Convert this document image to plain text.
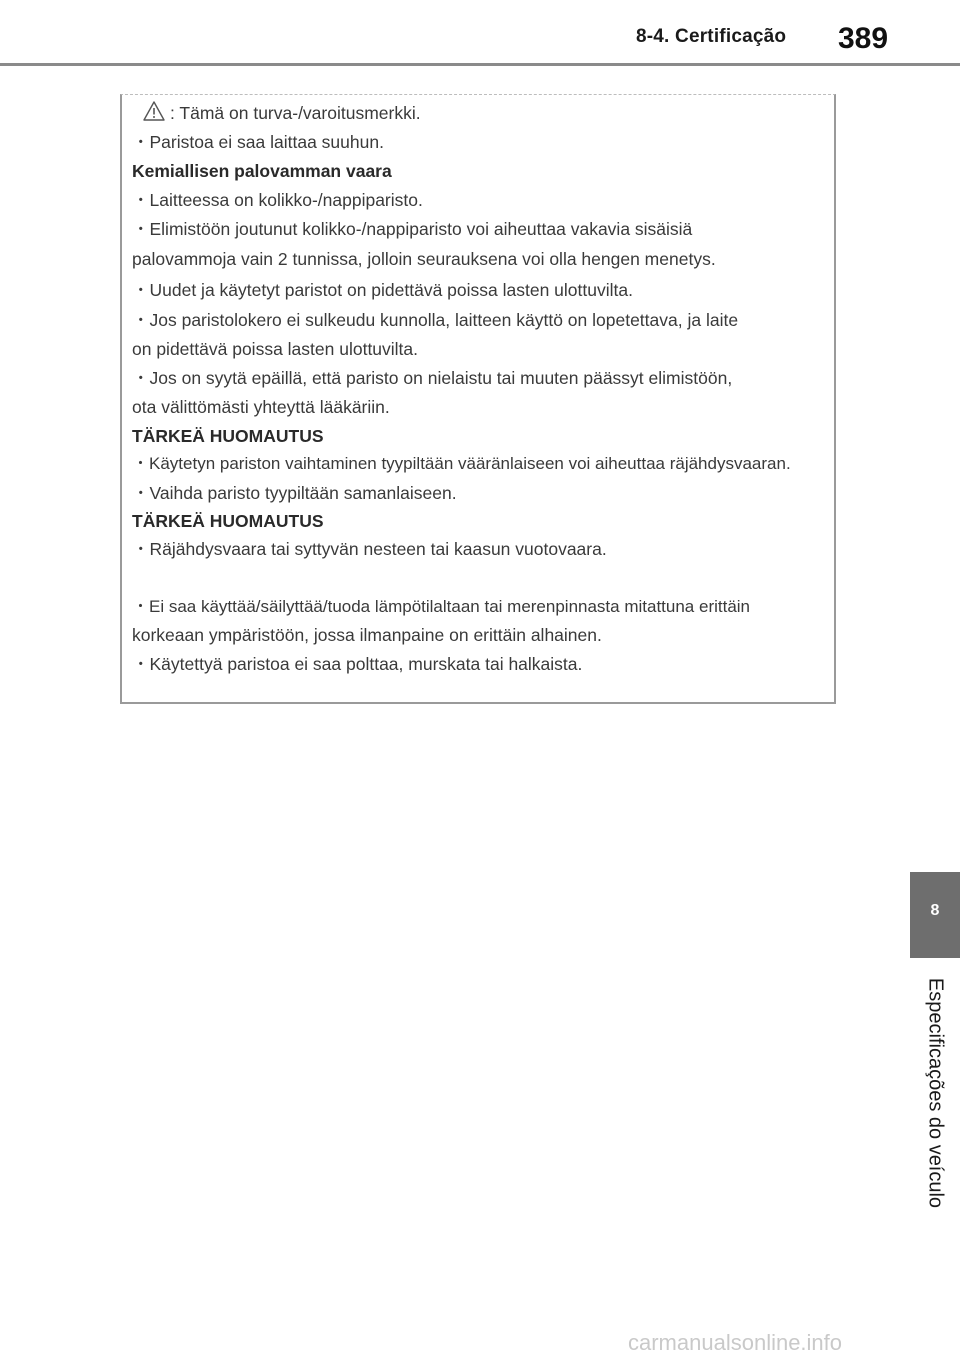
8-4. Certificação 389
: Tämä on turva-/varoitusmerkki.
・Paristoa ei saa laittaa suuhun.
Kemiallisen palovamman vaara
・Laitteessa on kolikko-/nappiparisto.
・Elimistöön joutunut kolikko-/nappiparisto voi aiheuttaa vakavia sisäisiä
palovammoja vain 2 tunnissa, jolloin seurauksena voi olla hengen menetys.
・Uudet ja käytetyt paristot on pidettävä poissa lasten ulottuvilta.
・Jos paristolokero ei sulkeudu kunnolla, laitteen käyttö on lopetettava, ja laite
on pidettävä poissa lasten ulottuvilta.
・Jos on syytä epäillä, että paristo on nielaistu tai muuten päässyt elimistöön,
ota välittömästi yhteyttä lääkäriin.
TÄRKEÄ HUOMAUTUS
・Käytetyn pariston vaihtaminen tyypiltään vääränlaiseen voi aiheuttaa räjähdysvaaran.
・Vaihda paristo tyypiltään samanlaiseen.
TÄRKEÄ HUOMAUTUS
・Räjähdysvaara tai syttyvän nesteen tai kaasun vuotovaara.
・Ei saa käyttää/säilyttää/tuoda lämpötilaltaan tai merenpinnasta mitattuna erittäin
korkeaan ympäristöön, jossa ilmanpaine on erittäin alhainen.
・Käytettyä paristoa ei saa polttaa, murskata tai halkaista.
8
Especificações do veículo
carmanualsonline.info
